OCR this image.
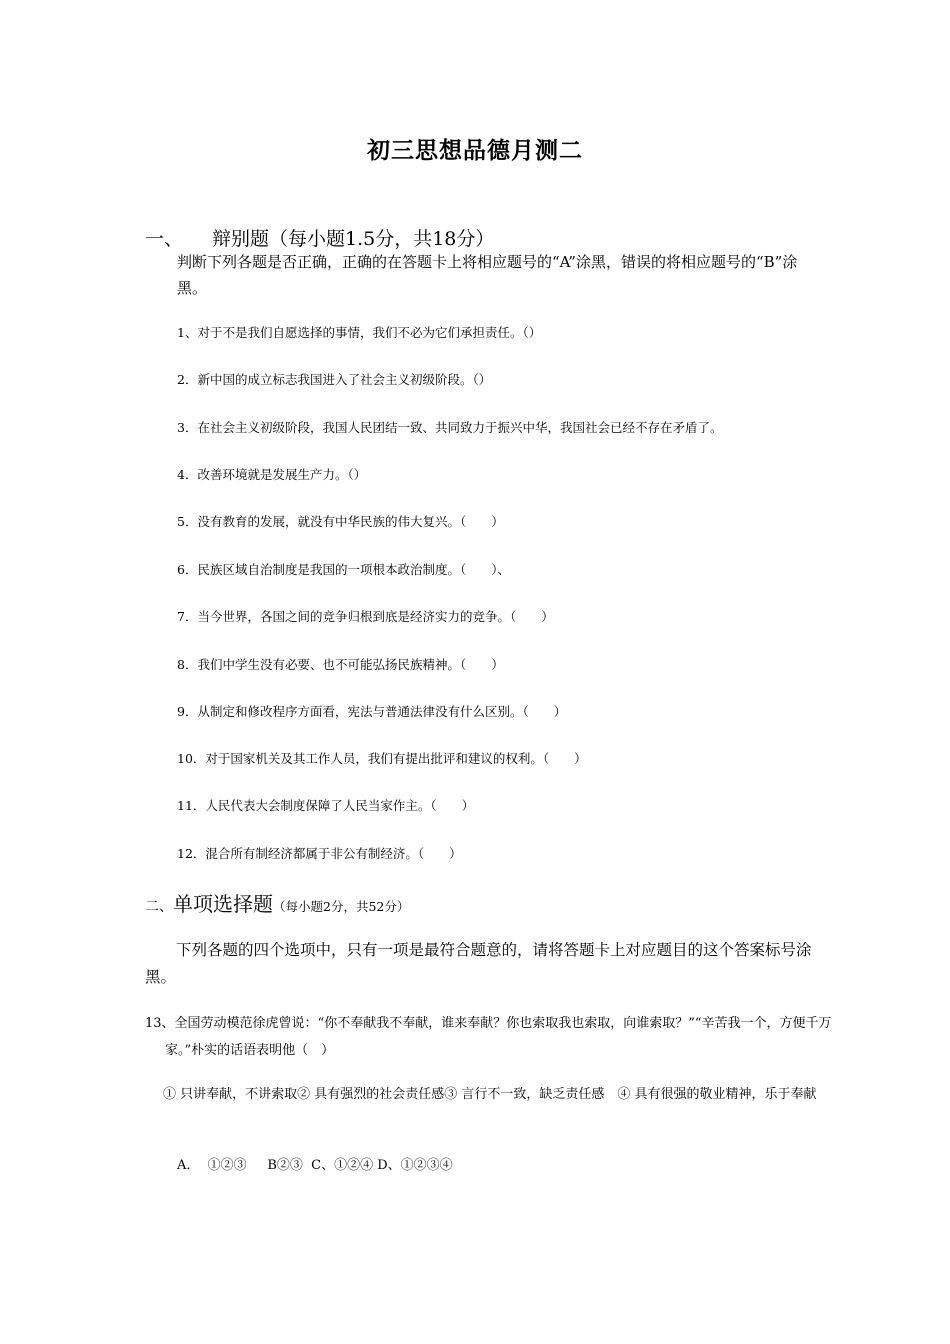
初三思想品德月测二
一、 辩别题（每小题1.5分，共18分）
判断下列各题是否正确，正确的在答题卡上将相应题号的“A”涂黑，错误的将相应题号的“B”涂黑。
1、对于不是我们自愿选择的事情，我们不必为它们承担责任。（）
2．新中国的成立标志我国进入了社会主义初级阶段。（）
3．在社会主义初级阶段，我国人民团结一致、共同致力于振兴中华，我国社会已经不存在矛盾了。
4．改善环境就是发展生产力。（）
5．没有教育的发展，就没有中华民族的伟大复兴。（　　）
6．民族区域自治制度是我国的一项根本政治制度。（　　）、
7．当今世界，各国之间的竞争归根到底是经济实力的竞争。（　　）
8．我们中学生没有必要、也不可能弘扬民族精神。（　　）
9．从制定和修改程序方面看，宪法与普通法律没有什么区别。（　　）
10．对于国家机关及其工作人员，我们有提出批评和建议的权利。（　　）
11．人民代表大会制度保障了人民当家作主。（　　）
12．混合所有制经济都属于非公有制经济。（　　）
二、单项选择题（每小题2分，共52分）
下列各题的四个选项中，只有一项是最符合题意的，请将答题卡上对应题目的这个答案标号涂黑。
13、全国劳动模范徐虎曾说：“你不奉献我不奉献，谁来奉献？你也索取我也索取，向谁索取？”“辛苦我一个，方便千万家。”朴实的话语表明他（　）
① 只讲奉献，不讲索取② 具有强烈的社会责任感③ 言行不一致，缺乏责任感　④ 具有很强的敬业精神，乐于奉献
A．  ①②③     B②③  C、①②④ D、①②③④
